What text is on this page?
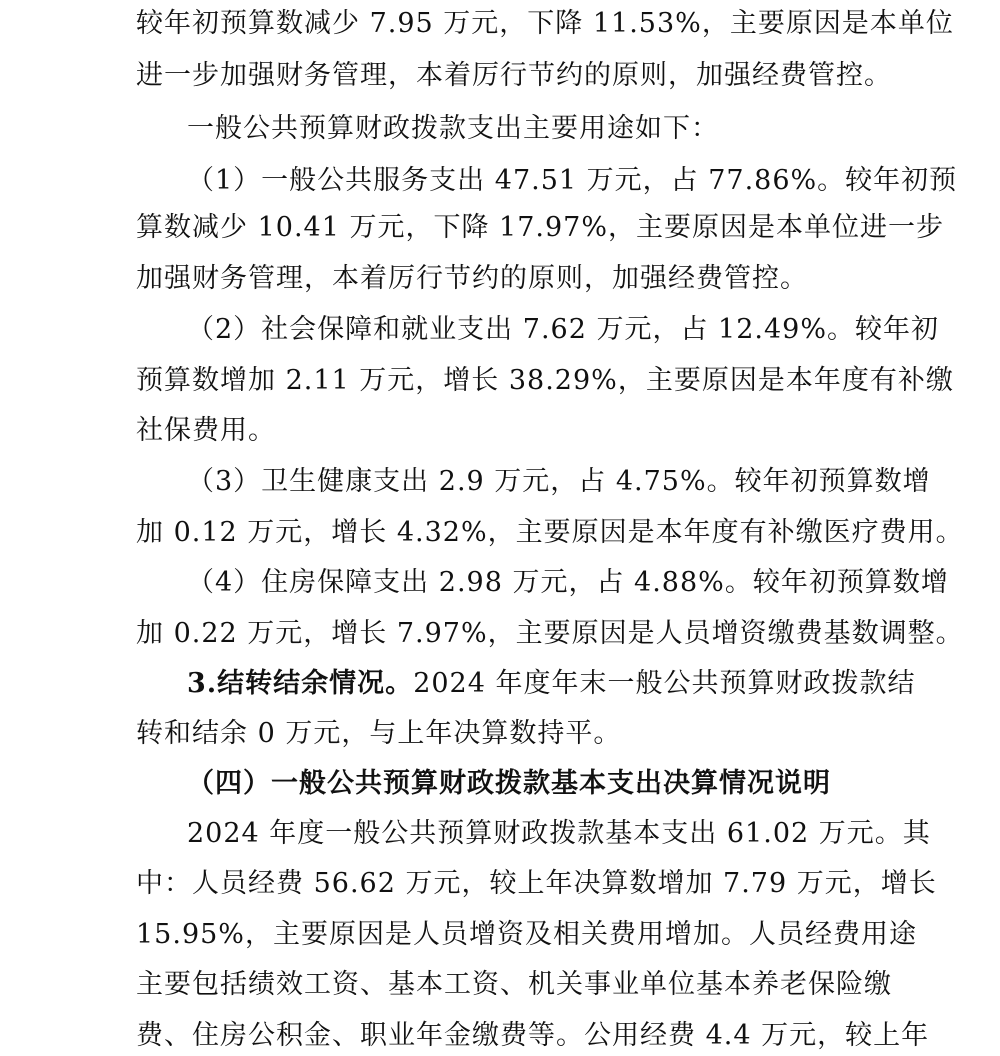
较年初预算数减少 7.95 万元，下降 11.53%，主要原因是本单位
进一步加强财务管理，本着厉行节约的原则，加强经费管控。
一般公共预算财政拨款支出主要用途如下：
（1）一般公共服务支出 47.51 万元，占 77.86%。较年初预
算数减少 10.41 万元，下降 17.97%，主要原因是本单位进一步
加强财务管理，本着厉行节约的原则，加强经费管控。
（2）社会保障和就业支出 7.62 万元，占 12.49%。较年初
预算数增加 2.11 万元，增长 38.29%，主要原因是本年度有补缴
社保费用。
（3）卫生健康支出 2.9 万元，占 4.75%。较年初预算数增
加 0.12 万元，增长 4.32%，主要原因是本年度有补缴医疗费用。
（4）住房保障支出 2.98 万元，占 4.88%。较年初预算数增
加 0.22 万元，增长 7.97%，主要原因是人员增资缴费基数调整。
3.结转结余情况。2024 年度年末一般公共预算财政拨款结
转和结余 0 万元，与上年决算数持平。
（四）一般公共预算财政拨款基本支出决算情况说明
2024 年度一般公共预算财政拨款基本支出 61.02 万元。其
中：人员经费 56.62 万元，较上年决算数增加 7.79 万元，增长
15.95%，主要原因是人员增资及相关费用增加。人员经费用途
主要包括绩效工资、基本工资、机关事业单位基本养老保险缴
费、住房公积金、职业年金缴费等。公用经费 4.4 万元，较上年
